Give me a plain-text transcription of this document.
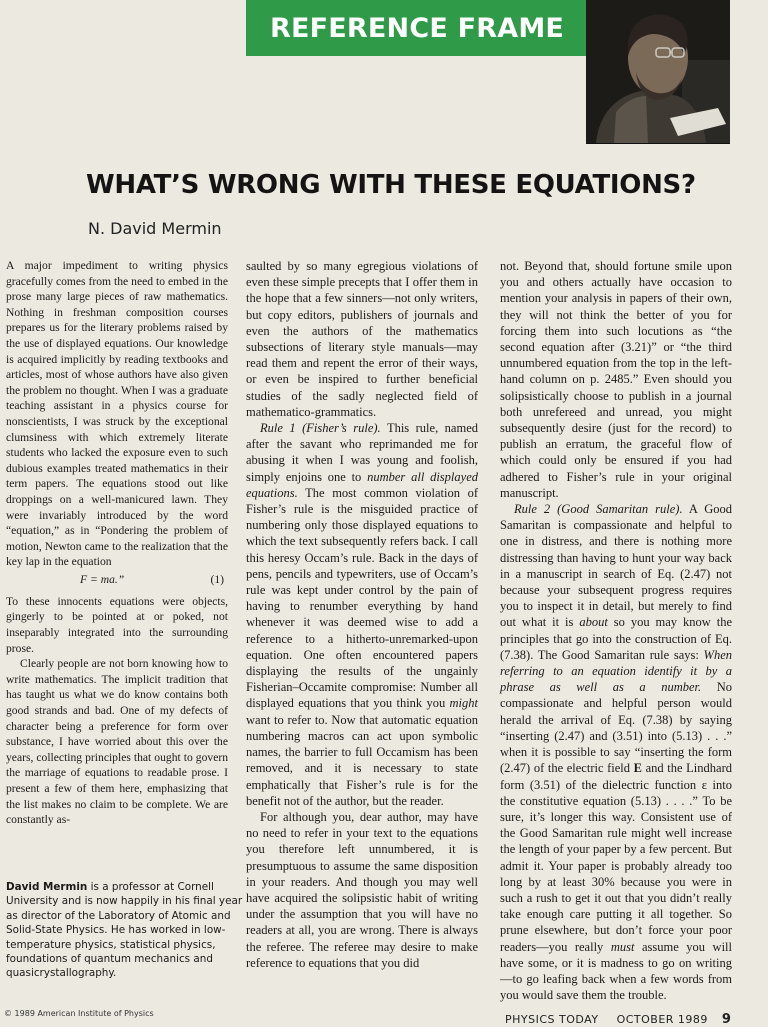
REFERENCE FRAME
WHAT’S WRONG WITH THESE EQUATIONS?

N. David Mermin

A major impediment to writing physics gracefully comes from the need to embed in the prose many large pieces of raw mathematics. Nothing in freshman composition courses prepares us for the literary problems raised by the use of displayed equations. Our knowledge is acquired implicitly by reading textbooks and articles, most of whose authors have also given the problem no thought. When I was a graduate teaching assistant in a physics course for nonscientists, I was struck by the exceptional clumsiness with which extremely literate students who lacked the exposure even to such dubious examples treated mathematics in their term papers. The equations stood out like droppings on a well-manicured lawn. They were invariably introduced by the word “equation,” as in “Pondering the problem of motion, Newton came to the realization that the key lap in the equation

F = ma.”	(1)

To these innocents equations were objects, gingerly to be pointed at or poked, not inseparably integrated into the surrounding prose.

Clearly people are not born knowing how to write mathematics. The implicit tradition that has taught us what we do know contains both good strands and bad. One of my defects of character being a preference for form over substance, I have worried about this over the years, collecting principles that ought to govern the marriage of equations to readable prose. I present a few of them here, emphasizing that the list makes no claim to be complete. We are constantly as-

saulted by so many egregious violations of even these simple precepts that I offer them in the hope that a few sinners—not only writers, but copy editors, publishers of journals and even the authors of the mathematics subsections of literary style manuals—may read them and repent the error of their ways, or even be inspired to further beneficial studies of the sadly neglected field of mathematico-grammatics.

Rule 1 (Fisher’s rule). This rule, named after the savant who reprimanded me for abusing it when I was young and foolish, simply enjoins one to number all displayed equations. The most common violation of Fisher’s rule is the misguided practice of numbering only those displayed equations to which the text subsequently refers back. I call this heresy Occam’s rule. Back in the days of pens, pencils and typewriters, use of Occam’s rule was kept under control by the pain of having to renumber everything by hand whenever it was deemed wise to add a reference to a hitherto-unremarked-upon equation. One often encountered papers displaying the results of the ungainly Fisherian–Occamite compromise: Number all displayed equations that you think you might want to refer to. Now that automatic equation numbering macros can act upon symbolic names, the barrier to full Occamism has been removed, and it is necessary to state emphatically that Fisher’s rule is for the benefit not of the author, but the reader.

For although you, dear author, may have no need to refer in your text to the equations you therefore left unnumbered, it is presumptuous to assume the same disposition in your readers. And though you may well have acquired the solipsistic habit of writing under the assumption that you will have no readers at all, you are wrong. There is always the referee. The referee may desire to make reference to equations that you did

not. Beyond that, should fortune smile upon you and others actually have occasion to mention your analysis in papers of their own, they will not think the better of you for forcing them into such locutions as “the second equation after (3.21)” or “the third unnumbered equation from the top in the left-hand column on p. 2485.” Even should you solipsistically choose to publish in a journal both unrefereed and unread, you might subsequently desire (just for the record) to publish an erratum, the graceful flow of which could only be ensured if you had adhered to Fisher’s rule in your original manuscript.

Rule 2 (Good Samaritan rule). A Good Samaritan is compassionate and helpful to one in distress, and there is nothing more distressing than having to hunt your way back in a manuscript in search of Eq. (2.47) not because your subsequent progress requires you to inspect it in detail, but merely to find out what it is about so you may know the principles that go into the construction of Eq. (7.38). The Good Samaritan rule says: When referring to an equation identify it by a phrase as well as a number. No compassionate and helpful person would herald the arrival of Eq. (7.38) by saying “inserting (2.47) and (3.51) into (5.13) . . .” when it is possible to say “inserting the form (2.47) of the electric field E and the Lindhard form (3.51) of the dielectric function ε into the constitutive equation (5.13) . . . .” To be sure, it’s longer this way. Consistent use of the Good Samaritan rule might well increase the length of your paper by a few percent. But admit it. Your paper is probably already too long by at least 30% because you were in such a rush to get it out that you didn’t really take enough care putting it all together. So prune elsewhere, but don’t force your poor readers—you really must assume you will have some, or it is madness to go on writing—to go leafing back when a few words from you would save them the trouble.

David Mermin is a professor at Cornell University and is now happily in his final year as director of the Laboratory of Atomic and Solid-State Physics. He has worked in low-temperature physics, statistical physics, foundations of quantum mechanics and quasicrystallography.

© 1989 American Institute of Physics	PHYSICS TODAY OCTOBER 1989 9
